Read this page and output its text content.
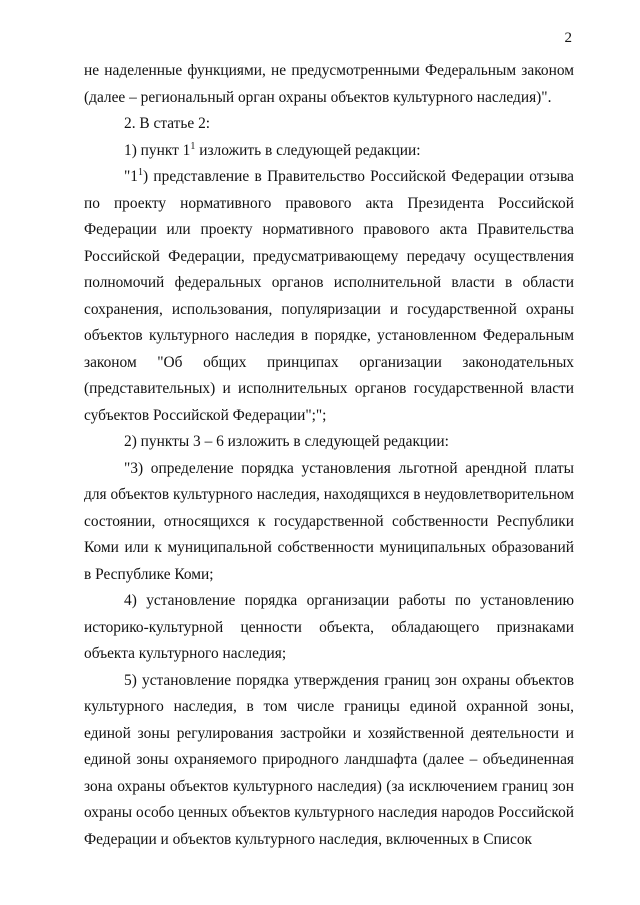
2

не наделенные функциями, не предусмотренными Федеральным законом (далее – региональный орган охраны объектов культурного наследия)".

2. В статье 2:

1) пункт $1^1$ изложить в следующей редакции:

"$1^1$) представление в Правительство Российской Федерации отзыва по проекту нормативного правового акта Президента Российской Федерации или проекту нормативного правового акта Правительства Российской Федерации, предусматривающему передачу осуществления полномочий федеральных органов исполнительной власти в области сохранения, использования, популяризации и государственной охраны объектов культурного наследия в порядке, установленном Федеральным законом "Об общих принципах организации законодательных (представительных) и исполнительных органов государственной власти субъектов Российской Федерации";";

2) пункты 3 – 6 изложить в следующей редакции:

"3) определение порядка установления льготной арендной платы для объектов культурного наследия, находящихся в неудовлетворительном состоянии, относящихся к государственной собственности Республики Коми или к муниципальной собственности муниципальных образований в Республике Коми;

4) установление порядка организации работы по установлению историко-культурной ценности объекта, обладающего признаками объекта культурного наследия;

5) установление порядка утверждения границ зон охраны объектов культурного наследия, в том числе границы единой охранной зоны, единой зоны регулирования застройки и хозяйственной деятельности и единой зоны охраняемого природного ландшафта (далее – объединенная зона охраны объектов культурного наследия) (за исключением границ зон охраны особо ценных объектов культурного наследия народов Российской Федерации и объектов культурного наследия, включенных в Список
